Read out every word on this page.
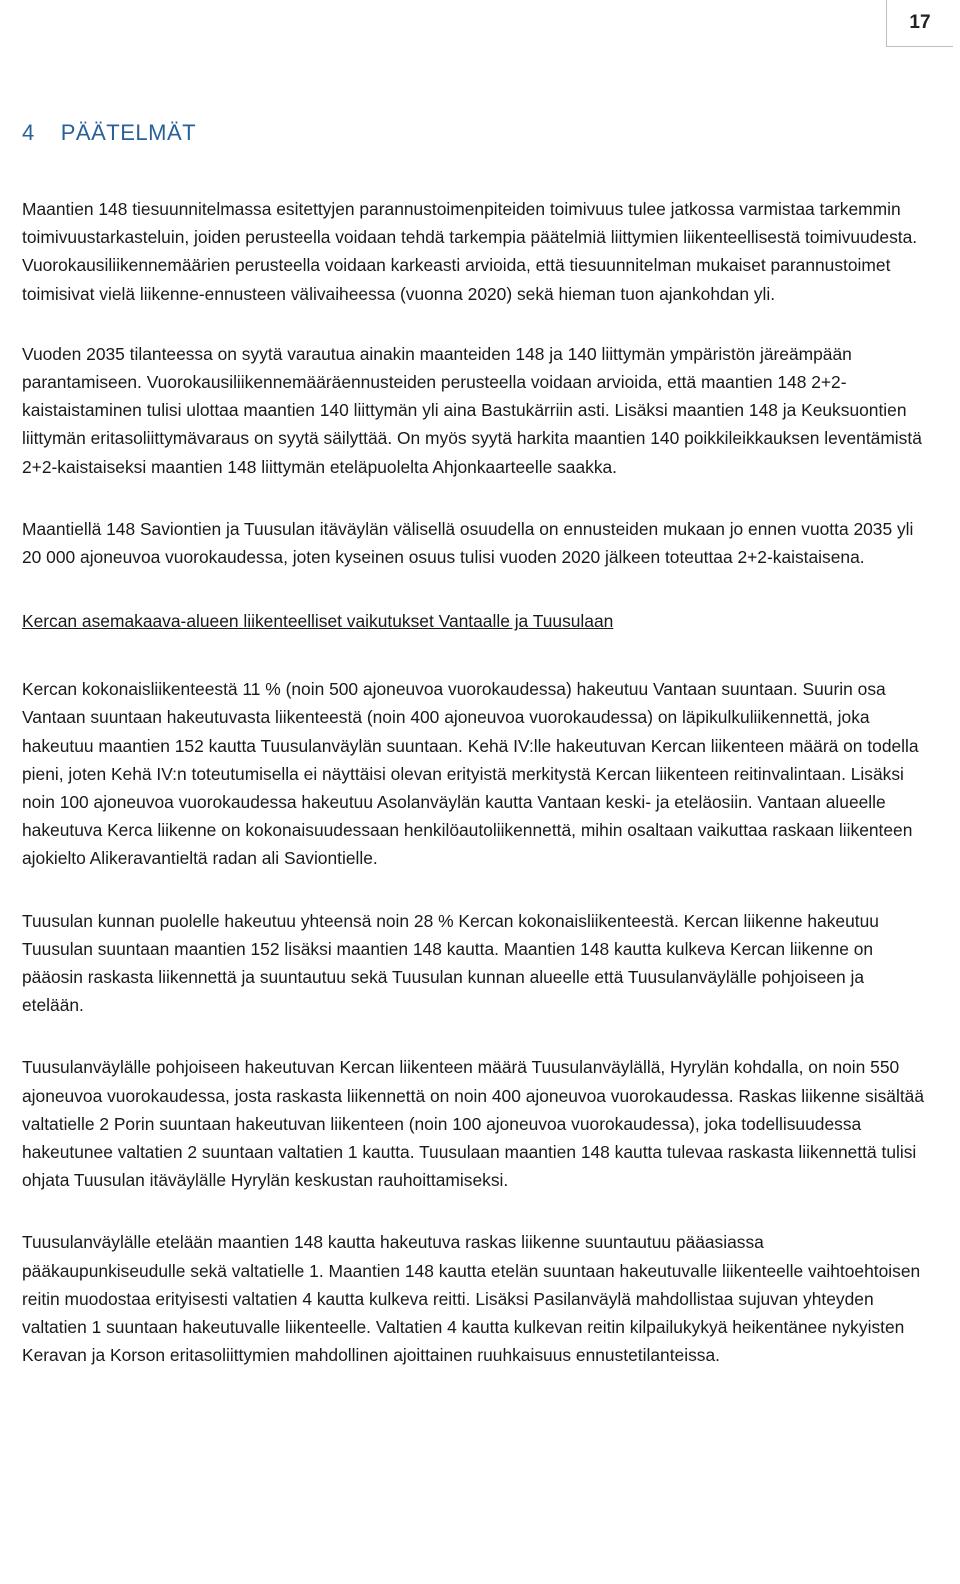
17
4 PÄÄTELMÄT

Maantien 148 tiesuunnitelmassa esitettyjen parannustoimenpiteiden toimivuus tulee jatkossa varmistaa tarkemmin toimivuustarkasteluin, joiden perusteella voidaan tehdä tarkempia päätelmiä liittymien liikenteellisestä toimivuudesta. Vuorokausiliikennemäärien perusteella voidaan karkeasti arvioida, että tiesuunnitelman mukaiset parannustoimet toimisivat vielä liikenne-ennusteen välivaiheessa (vuonna 2020) sekä hieman tuon ajankohdan yli.

Vuoden 2035 tilanteessa on syytä varautua ainakin maanteiden 148 ja 140 liittymän ympäristön järeämpään parantamiseen. Vuorokausiliikennemääräennusteiden perusteella voidaan arvioida, että maantien 148 2+2-kaistaistaminen tulisi ulottaa maantien 140 liittymän yli aina Bastukärriin asti. Lisäksi maantien 148 ja Keuksuontien liittymän eritasoliittymävaraus on syytä säilyttää. On myös syytä harkita maantien 140 poikkileikkauksen leventämistä 2+2-kaistaiseksi maantien 148 liittymän eteläpuolelta Ahjonkaarteelle saakka.

Maantiellä 148 Saviontien ja Tuusulan itäväylän välisellä osuudella on ennusteiden mukaan jo ennen vuotta 2035 yli 20 000 ajoneuvoa vuorokaudessa, joten kyseinen osuus tulisi vuoden 2020 jälkeen toteuttaa 2+2-kaistaisena.

Kercan asemakaava-alueen liikenteelliset vaikutukset Vantaalle ja Tuusulaan

Kercan kokonaisliikenteestä 11 % (noin 500 ajoneuvoa vuorokaudessa) hakeutuu Vantaan suuntaan. Suurin osa Vantaan suuntaan hakeutuvasta liikenteestä (noin 400 ajoneuvoa vuorokaudessa) on läpikulkuliikennettä, joka hakeutuu maantien 152 kautta Tuusulanväylän suuntaan. Kehä IV:lle hakeutuvan Kercan liikenteen määrä on todella pieni, joten Kehä IV:n toteutumisella ei näyttäisi olevan erityistä merkitystä Kercan liikenteen reitinvalintaan. Lisäksi noin 100 ajoneuvoa vuorokaudessa hakeutuu Asolanväylän kautta Vantaan keski- ja eteläosiin. Vantaan alueelle hakeutuva Kerca liikenne on kokonaisuudessaan henkilöautoliikennettä, mihin osaltaan vaikuttaa raskaan liikenteen ajokielto Alikeravantieltä radan ali Saviontielle.

Tuusulan kunnan puolelle hakeutuu yhteensä noin 28 % Kercan kokonaisliikenteestä. Kercan liikenne hakeutuu Tuusulan suuntaan maantien 152 lisäksi maantien 148 kautta. Maantien 148 kautta kulkeva Kercan liikenne on pääosin raskasta liikennettä ja suuntautuu sekä Tuusulan kunnan alueelle että Tuusulanväylälle pohjoiseen ja etelään.

Tuusulanväylälle pohjoiseen hakeutuvan Kercan liikenteen määrä Tuusulanväylällä, Hyrylän kohdalla, on noin 550 ajoneuvoa vuorokaudessa, josta raskasta liikennettä on noin 400 ajoneuvoa vuorokaudessa. Raskas liikenne sisältää valtatielle 2 Porin suuntaan hakeutuvan liikenteen (noin 100 ajoneuvoa vuorokaudessa), joka todellisuudessa hakeutunee valtatien 2 suuntaan valtatien 1 kautta. Tuusulaan maantien 148 kautta tulevaa raskasta liikennettä tulisi ohjata Tuusulan itäväylälle Hyrylän keskustan rauhoittamiseksi.

Tuusulanväylälle etelään maantien 148 kautta hakeutuva raskas liikenne suuntautuu pääasiassa pääkaupunkiseudulle sekä valtatielle 1. Maantien 148 kautta etelän suuntaan hakeutuvalle liikenteelle vaihtoehtoisen reitin muodostaa erityisesti valtatien 4 kautta kulkeva reitti. Lisäksi Pasilanväylä mahdollistaa sujuvan yhteyden valtatien 1 suuntaan hakeutuvalle liikenteelle. Valtatien 4 kautta kulkevan reitin kilpailukykyä heikentänee nykyisten Keravan ja Korson eritasoliittymien mahdollinen ajoittainen ruuhkaisuus ennustetilanteissa.
